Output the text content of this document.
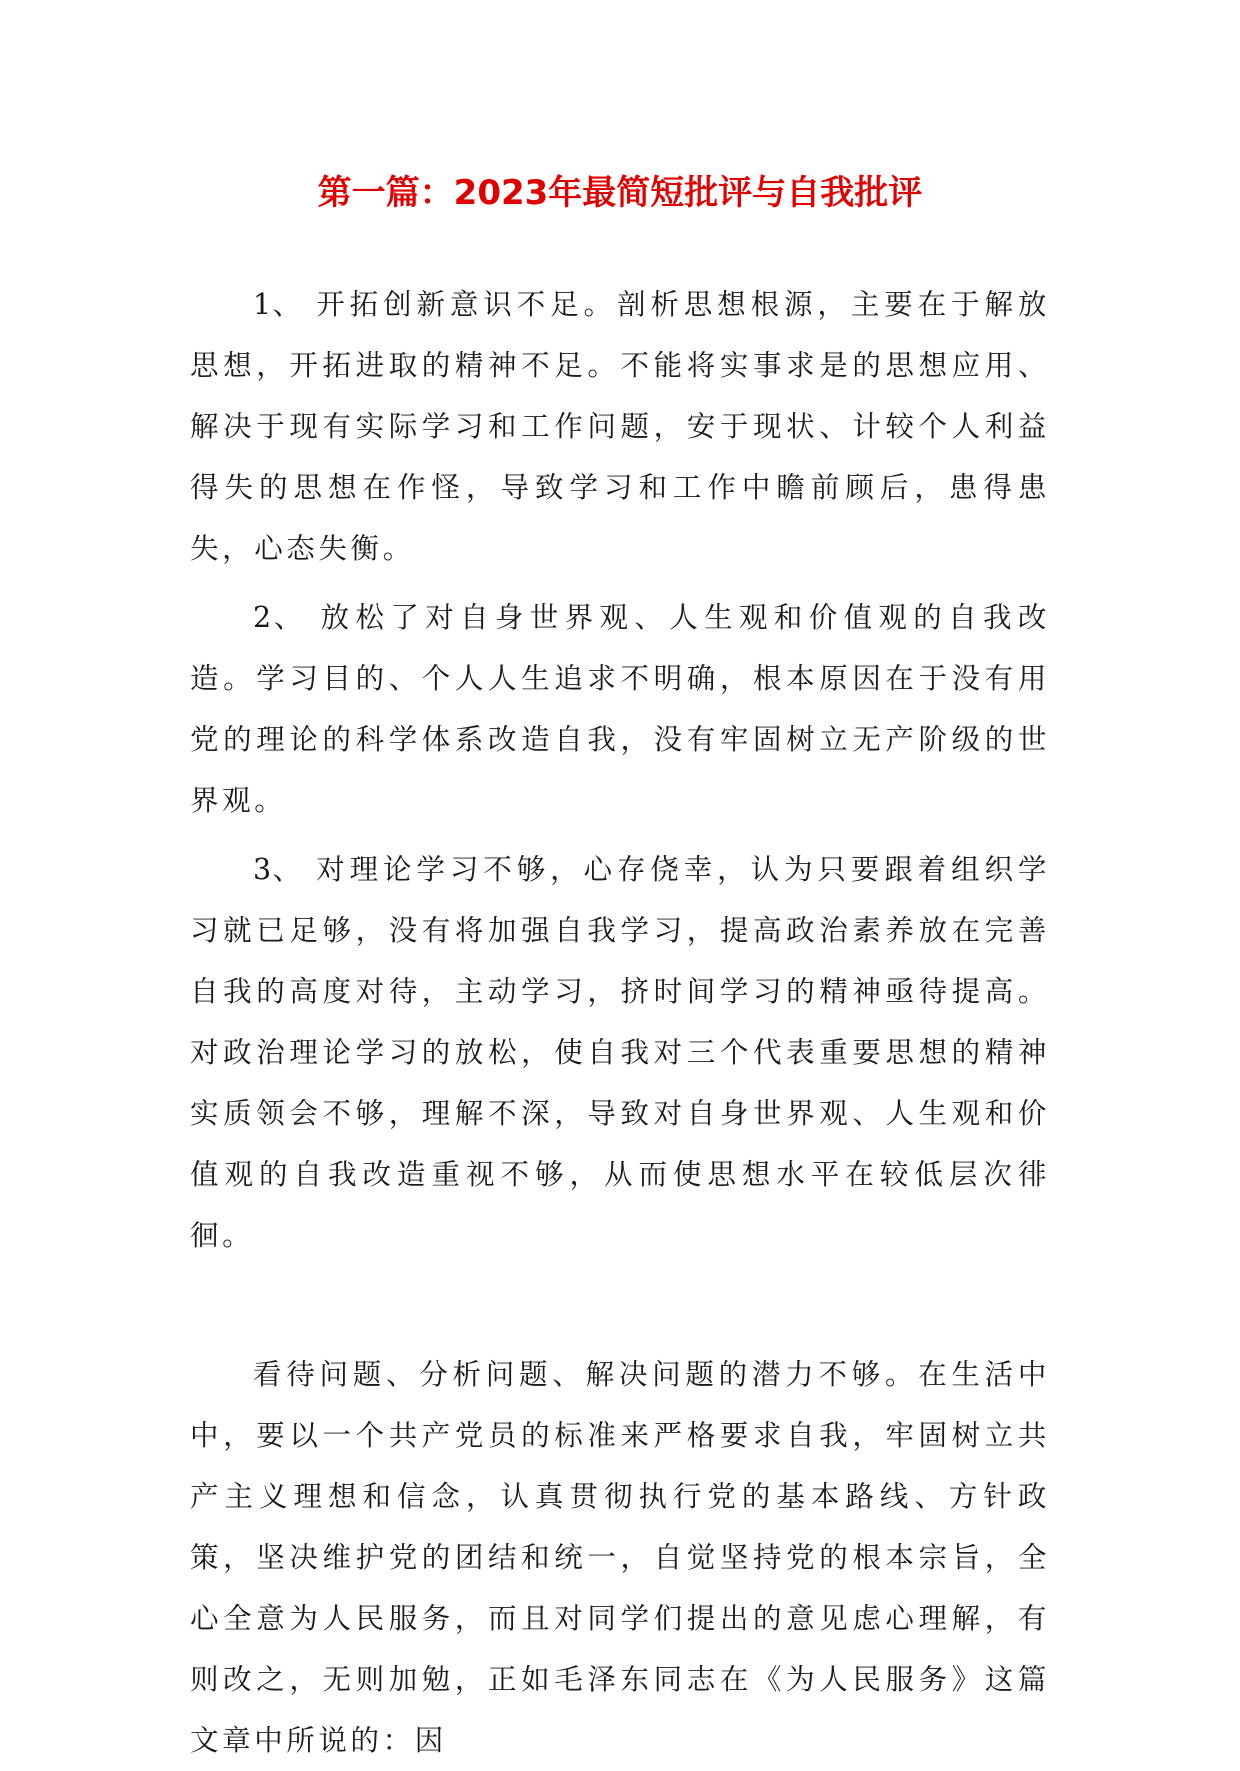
第一篇：2023年最简短批评与自我批评

1、 开拓创新意识不足。剖析思想根源，主要在于解放思想，开拓进取的精神不足。不能将实事求是的思想应用、解决于现有实际学习和工作问题，安于现状、计较个人利益得失的思想在作怪，导致学习和工作中瞻前顾后，患得患失，心态失衡。

2、 放松了对自身世界观、人生观和价值观的自我改造。学习目的、个人人生追求不明确，根本原因在于没有用党的理论的科学体系改造自我，没有牢固树立无产阶级的世界观。

3、 对理论学习不够，心存侥幸，认为只要跟着组织学习就已足够，没有将加强自我学习，提高政治素养放在完善自我的高度对待，主动学习，挤时间学习的精神亟待提高。对政治理论学习的放松，使自我对三个代表重要思想的精神实质领会不够，理解不深，导致对自身世界观、人生观和价值观的自我改造重视不够，从而使思想水平在较低层次徘徊。

看待问题、分析问题、解决问题的潜力不够。在生活中中，要以一个共产党员的标准来严格要求自我，牢固树立共产主义理想和信念，认真贯彻执行党的基本路线、方针政策，坚决维护党的团结和统一，自觉坚持党的根本宗旨，全心全意为人民服务，而且对同学们提出的意见虑心理解，有则改之，无则加勉，正如毛泽东同志在《为人民服务》这篇文章中所说的：因
